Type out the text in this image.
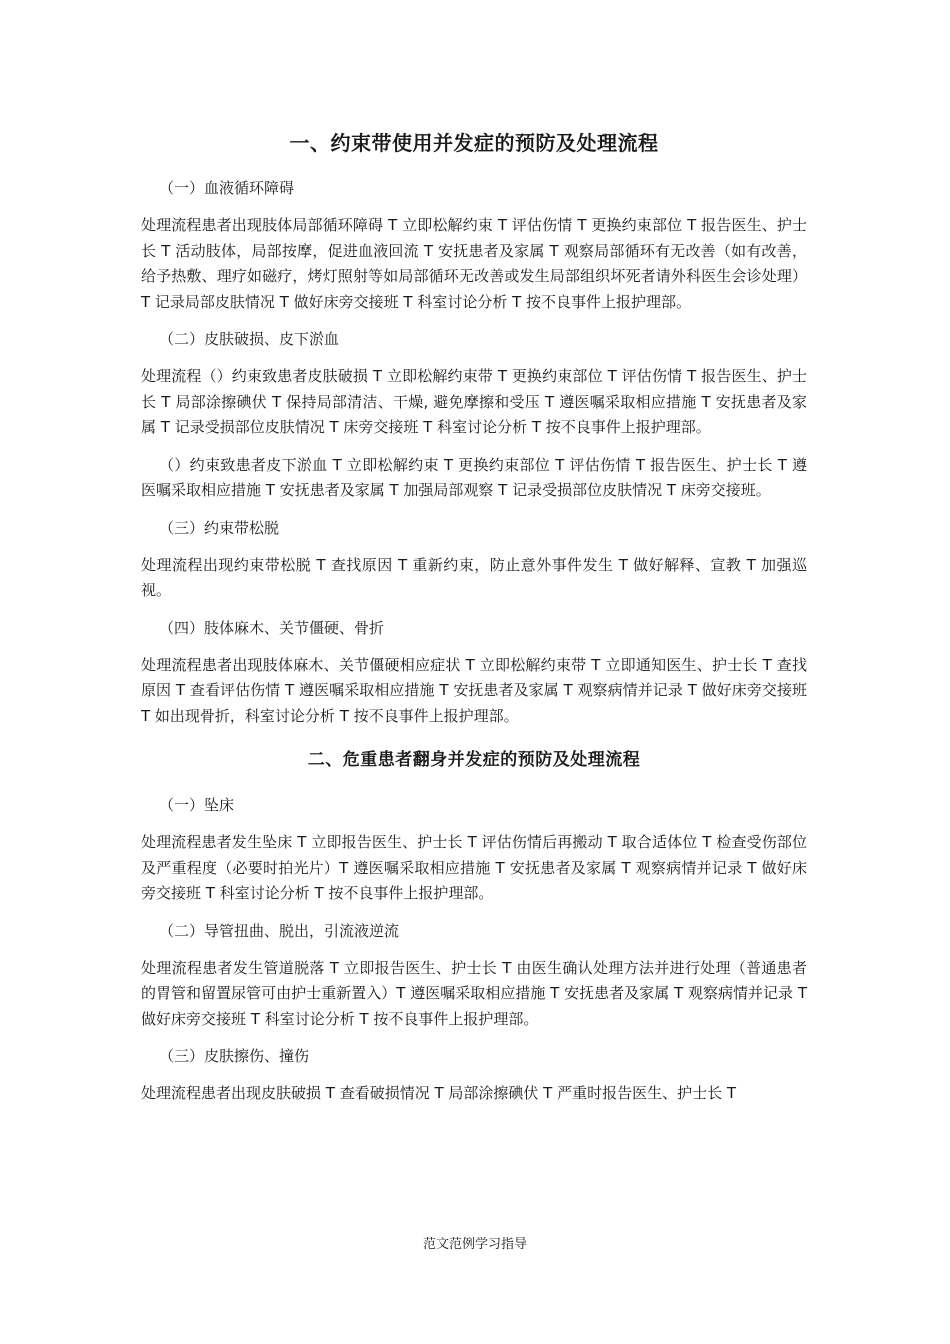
一、约束带使用并发症的预防及处理流程
（一）血液循环障碍

处理流程患者出现肢体局部循环障碍 T 立即松解约束 T 评估伤情 T 更换约束部位 T 报告医生、护士长 T 活动肢体，局部按摩，促进血液回流 T 安抚患者及家属 T 观察局部循环有无改善（如有改善，给予热敷、理疗如磁疗，烤灯照射等如局部循环无改善或发生局部组织坏死者请外科医生会诊处理）T 记录局部皮肤情况 T 做好床旁交接班 T 科室讨论分析 T 按不良事件上报护理部。

（二）皮肤破损、皮下淤血

处理流程（）约束致患者皮肤破损 T 立即松解约束带 T 更换约束部位 T 评估伤情 T 报告医生、护士长 T 局部涂擦碘伏 T 保持局部清洁、干燥, 避免摩擦和受压 T 遵医嘱采取相应措施 T 安抚患者及家属 T 记录受损部位皮肤情况 T 床旁交接班 T 科室讨论分析 T 按不良事件上报护理部。

（）约束致患者皮下淤血 T 立即松解约束 T 更换约束部位 T 评估伤情 T 报告医生、护士长 T 遵医嘱采取相应措施 T 安抚患者及家属 T 加强局部观察 T 记录受损部位皮肤情况 T 床旁交接班。

（三）约束带松脱

处理流程出现约束带松脱 T 查找原因 T 重新约束，防止意外事件发生 T 做好解释、宣教 T 加强巡视。

（四）肢体麻木、关节僵硬、骨折

处理流程患者出现肢体麻木、关节僵硬相应症状 T 立即松解约束带 T 立即通知医生、护士长 T 查找原因 T 查看评估伤情 T 遵医嘱采取相应措施 T 安抚患者及家属 T 观察病情并记录 T 做好床旁交接班 T 如出现骨折，科室讨论分析 T 按不良事件上报护理部。

二、危重患者翻身并发症的预防及处理流程
（一）坠床

处理流程患者发生坠床 T 立即报告医生、护士长 T 评估伤情后再搬动 T 取合适体位 T 检查受伤部位及严重程度（必要时拍光片）T 遵医嘱采取相应措施 T 安抚患者及家属 T 观察病情并记录 T 做好床旁交接班 T 科室讨论分析 T 按不良事件上报护理部。

（二）导管扭曲、脱出，引流液逆流

处理流程患者发生管道脱落 T 立即报告医生、护士长 T 由医生确认处理方法并进行处理（普通患者的胃管和留置尿管可由护士重新置入）T 遵医嘱采取相应措施 T 安抚患者及家属 T 观察病情并记录 T 做好床旁交接班 T 科室讨论分析 T 按不良事件上报护理部。

（三）皮肤擦伤、撞伤

处理流程患者出现皮肤破损 T 查看破损情况 T 局部涂擦碘伏 T 严重时报告医生、护士长 T

范文范例学习指导
